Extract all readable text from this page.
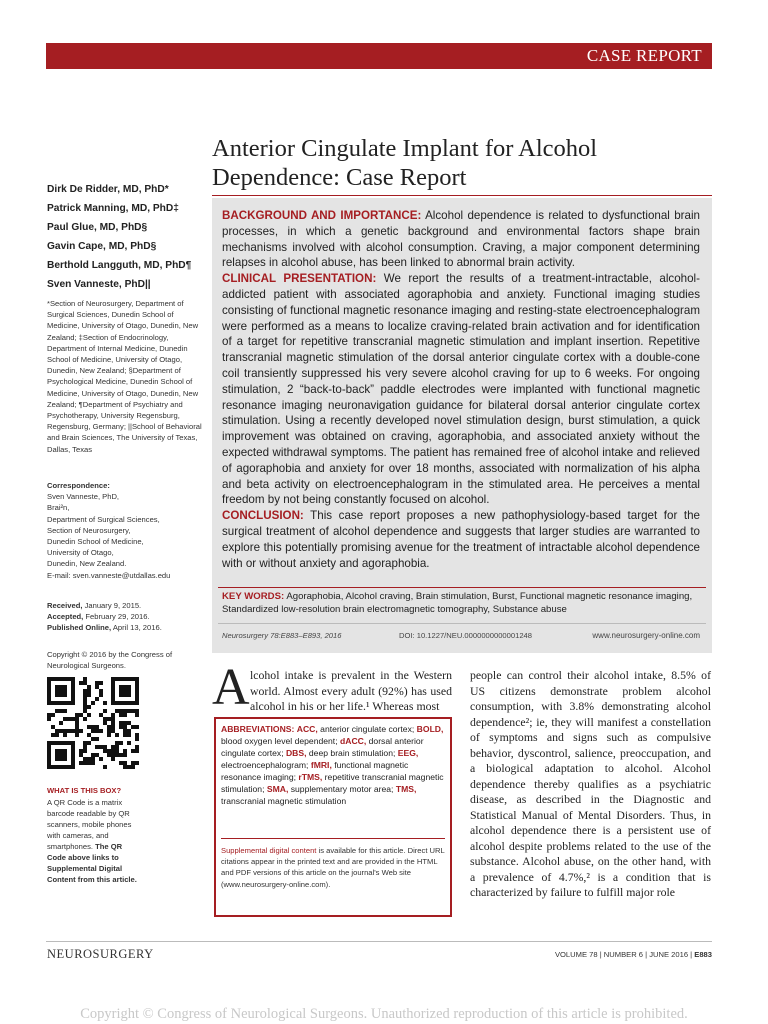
CASE REPORT
Anterior Cingulate Implant for Alcohol
Dependence: Case Report
Dirk De Ridder, MD, PhD*
Patrick Manning, MD, PhD‡
Paul Glue, MD, PhD§
Gavin Cape, MD, PhD§
Berthold Langguth, MD, PhD¶
Sven Vanneste, PhD||
*Section of Neurosurgery, Department of Surgical Sciences, Dunedin School of Medicine, University of Otago, Dunedin, New Zealand; ‡Section of Endocrinology, Department of Internal Medicine, Dunedin School of Medicine, University of Otago, Dunedin, New Zealand; §Department of Psychological Medicine, Dunedin School of Medicine, University of Otago, Dunedin, New Zealand; ¶Department of Psychiatry and Psychotherapy, University Regensburg, Regensburg, Germany; ||School of Behavioral and Brain Sciences, The University of Texas, Dallas, Texas
Correspondence:
Sven Vanneste, PhD,
Brai²n,
Department of Surgical Sciences,
Section of Neurosurgery,
Dunedin School of Medicine,
University of Otago,
Dunedin, New Zealand.
E-mail: sven.vanneste@utdallas.edu
Received, January 9, 2015.
Accepted, February 29, 2016.
Published Online, April 13, 2016.
Copyright © 2016 by the Congress of Neurological Surgeons.
WHAT IS THIS BOX?
A QR Code is a matrix barcode readable by QR scanners, mobile phones with cameras, and smartphones. The QR Code above links to Supplemental Digital Content from this article.

BACKGROUND AND IMPORTANCE: Alcohol dependence is related to dysfunctional brain processes, in which a genetic background and environmental factors shape brain mechanisms involved with alcohol consumption. Craving, a major component determining relapses in alcohol abuse, has been linked to abnormal brain activity.

CLINICAL PRESENTATION: We report the results of a treatment-intractable, alcohol-addicted patient with associated agoraphobia and anxiety. Functional imaging studies consisting of functional magnetic resonance imaging and resting-state electroencephalogram were performed as a means to localize craving-related brain activation and for identification of a target for repetitive transcranial magnetic stimulation and implant insertion. Repetitive transcranial magnetic stimulation of the dorsal anterior cingulate cortex with a double-cone coil transiently suppressed his very severe alcohol craving for up to 6 weeks. For ongoing stimulation, 2 “back-to-back” paddle electrodes were implanted with functional magnetic resonance imaging neuronavigation guidance for bilateral dorsal anterior cingulate cortex stimulation. Using a recently developed novel stimulation design, burst stimulation, a quick improvement was obtained on craving, agoraphobia, and associated anxiety without the expected withdrawal symptoms. The patient has remained free of alcohol intake and relieved of agoraphobia and anxiety for over 18 months, associated with normalization of his alpha and beta activity on electroencephalogram in the stimulated area. He perceives a mental freedom by not being constantly focused on alcohol.

CONCLUSION: This case report proposes a new pathophysiology-based target for the surgical treatment of alcohol dependence and suggests that larger studies are warranted to explore this potentially promising avenue for the treatment of intractable alcohol dependence with or without anxiety and agoraphobia.

KEY WORDS: Agoraphobia, Alcohol craving, Brain stimulation, Burst, Functional magnetic resonance imaging, Standardized low-resolution brain electromagnetic tomography, Substance abuse
Neurosurgery 78:E883–E893, 2016	DOI: 10.1227/NEU.0000000000001248	www.neurosurgery-online.com
A lcohol intake is prevalent in the Western world. Almost every adult (92%) has used alcohol in his or her life.¹ Whereas most
ABBREVIATIONS: ACC, anterior cingulate cortex; BOLD, blood oxygen level dependent; dACC, dorsal anterior cingulate cortex; DBS, deep brain stimulation; EEG, electroencephalogram; fMRI, functional magnetic resonance imaging; rTMS, repetitive transcranial magnetic stimulation; SMA, supplementary motor area; TMS, transcranial magnetic stimulation
Supplemental digital content is available for this article. Direct URL citations appear in the printed text and are provided in the HTML and PDF versions of this article on the journal's Web site (www.neurosurgery-online.com).
people can control their alcohol intake, 8.5% of US citizens demonstrate problem alcohol consumption, with 3.8% demonstrating alcohol dependence²; ie, they will manifest a constellation of symptoms and signs such as compulsive behavior, dyscontrol, salience, preoccupation, and a biological adaptation to alcohol. Alcohol dependence thereby qualifies as a psychiatric disease, as described in the Diagnostic and Statistical Manual of Mental Disorders. Thus, in alcohol dependence there is a persistent use of alcohol despite problems related to the use of the substance. Alcohol abuse, on the other hand, with a prevalence of 4.7%,² is a condition that is characterized by failure to fulfill major role
NEUROSURGERY	VOLUME 78 | NUMBER 6 | JUNE 2016 | E883
Copyright © Congress of Neurological Surgeons. Unauthorized reproduction of this article is prohibited.
